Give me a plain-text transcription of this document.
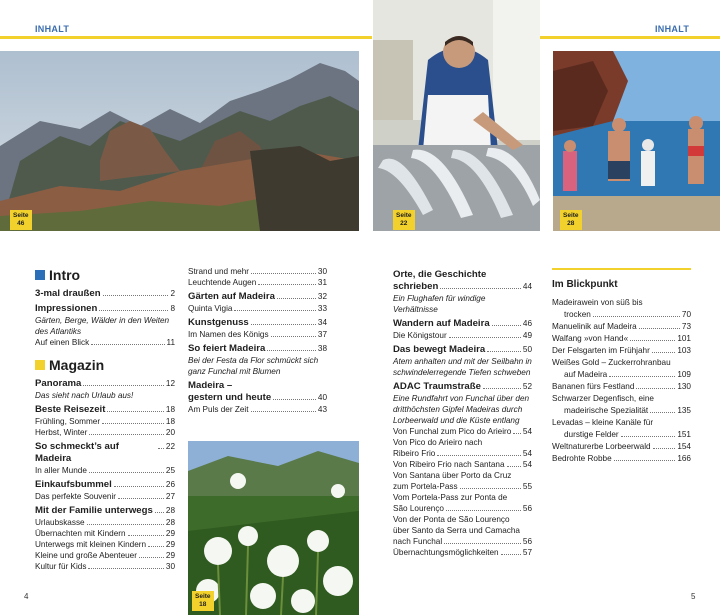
INHALT	INHALT
Seite
46
Seite
22
Seite
28
Seite
18
Intro
3-mal draußen	2
Impressionen	8
Gärten, Berge, Wälder in den Weiten des Atlantiks
Auf einen Blick	11
Magazin
Panorama	12
Das sieht nach Urlaub aus!
Beste Reisezeit	18
Frühling, Sommer	18
Herbst, Winter	20
So schmeckt’s auf Madeira
22
In aller Munde	25
Einkaufsbummel	26
Das perfekte Souvenir	27
Mit der Familie unterwegs 28
Urlaubskasse	28
Übernachten mit Kindern	29
Unterwegs mit kleinen Kindern 29
Kleine und große Abenteuer	29
Kultur für Kids	30
Strand und mehr	30
Leuchtende Augen	31
Gärten auf Madeira	32
Quinta Vigia	33
Kunstgenuss	34
Im Namen des Königs	37
So feiert Madeira	38
Bei der Festa da Flor schmückt sich ganz Funchal mit Blumen
Madeira –
gestern und heute	40
Am Puls der Zeit	43
Orte, die Geschichte
schrieben	44
Ein Flughafen für windige Verhältnisse
Wandern auf Madeira	46
Die Königstour	49
Das bewegt Madeira	50
Atem anhalten und mit der Seilbahn in schwindelerregende Tiefen schweben
ADAC Traumstraße	52
Eine Rundfahrt von Funchal über den dritthöchsten Gipfel Madeiras durch Lorbeerwald und die Küste entlang
Von Funchal zum Pico do Arieiro 54
Von Pico do Arieiro nach
Ribeiro Frio	54
Von Ribeiro Frio nach Santana 54
Von Santana über Porto da Cruz
zum Portela-Pass	55
Vom Portela-Pass zur Ponta de
São Lourenço	56
Von der Ponta de São Lourenço
über Santo da Serra und Camacha
nach Funchal	56
Übernachtungsmöglichkeiten	57
Im Blickpunkt
Madeirawein von süß bis
trocken	70
Manuelinik auf Madeira	73
Walfang »von Hand«	101
Der Felsgarten im Frühjahr	103
Weißes Gold – Zuckerrohranbau
auf Madeira	109
Bananen fürs Festland	130
Schwarzer Degenfisch, eine
madeirische Spezialität	135
Levadas – kleine Kanäle für
durstige Felder	151
Weltnaturerbe Lorbeerwald	154
Bedrohte Robbe	166
4	5
